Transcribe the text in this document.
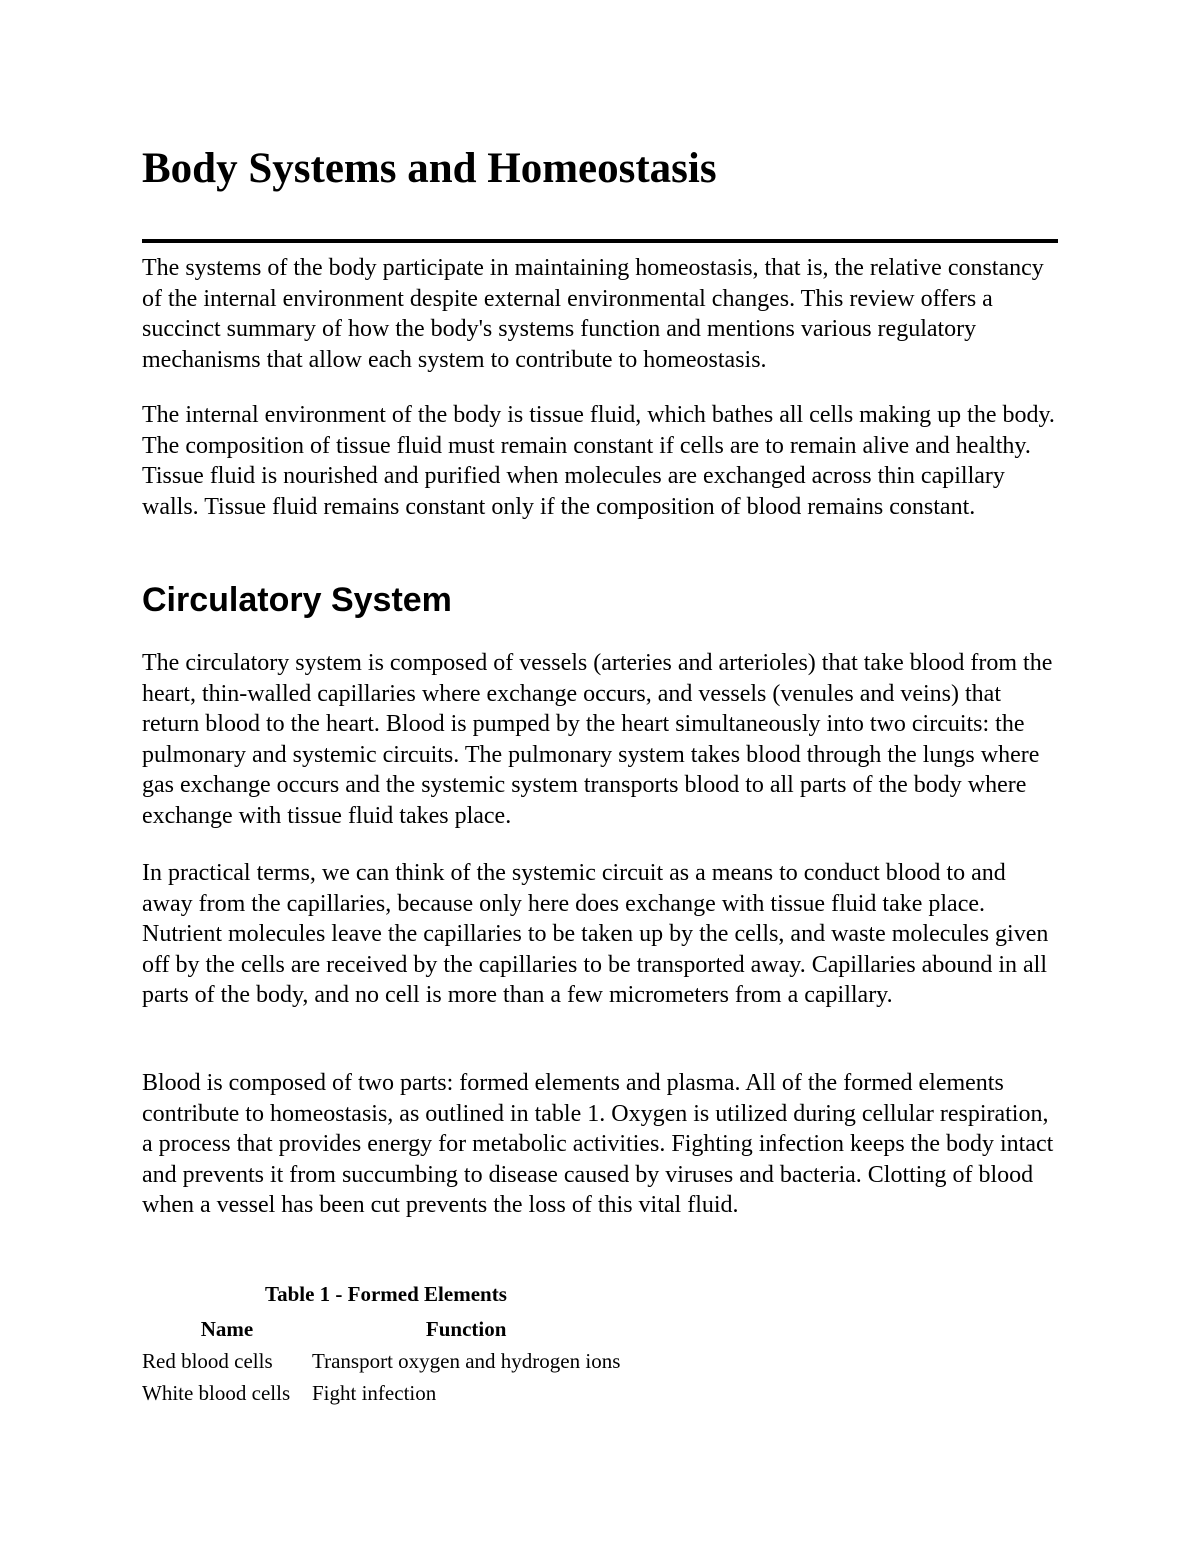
Body Systems and Homeostasis

The systems of the body participate in maintaining homeostasis, that is, the relative constancy of the internal environment despite external environmental changes. This review offers a succinct summary of how the body's systems function and mentions various regulatory mechanisms that allow each system to contribute to homeostasis.

The internal environment of the body is tissue fluid, which bathes all cells making up the body. The composition of tissue fluid must remain constant if cells are to remain alive and healthy. Tissue fluid is nourished and purified when molecules are exchanged across thin capillary walls. Tissue fluid remains constant only if the composition of blood remains constant.

Circulatory System

The circulatory system is composed of vessels (arteries and arterioles) that take blood from the heart, thin-walled capillaries where exchange occurs, and vessels (venules and veins) that return blood to the heart. Blood is pumped by the heart simultaneously into two circuits: the pulmonary and systemic circuits. The pulmonary system takes blood through the lungs where gas exchange occurs and the systemic system transports blood to all parts of the body where exchange with tissue fluid takes place.

In practical terms, we can think of the systemic circuit as a means to conduct blood to and away from the capillaries, because only here does exchange with tissue fluid take place. Nutrient molecules leave the capillaries to be taken up by the cells, and waste molecules given off by the cells are received by the capillaries to be transported away. Capillaries abound in all parts of the body, and no cell is more than a few micrometers from a capillary.

Blood is composed of two parts: formed elements and plasma. All of the formed elements contribute to homeostasis, as outlined in table 1. Oxygen is utilized during cellular respiration, a process that provides energy for metabolic activities. Fighting infection keeps the body intact and prevents it from succumbing to disease caused by viruses and bacteria. Clotting of blood when a vessel has been cut prevents the loss of this vital fluid.

Table 1 - Formed Elements
Name	Function
Red blood cells	Transport oxygen and hydrogen ions
White blood cells	Fight infection
